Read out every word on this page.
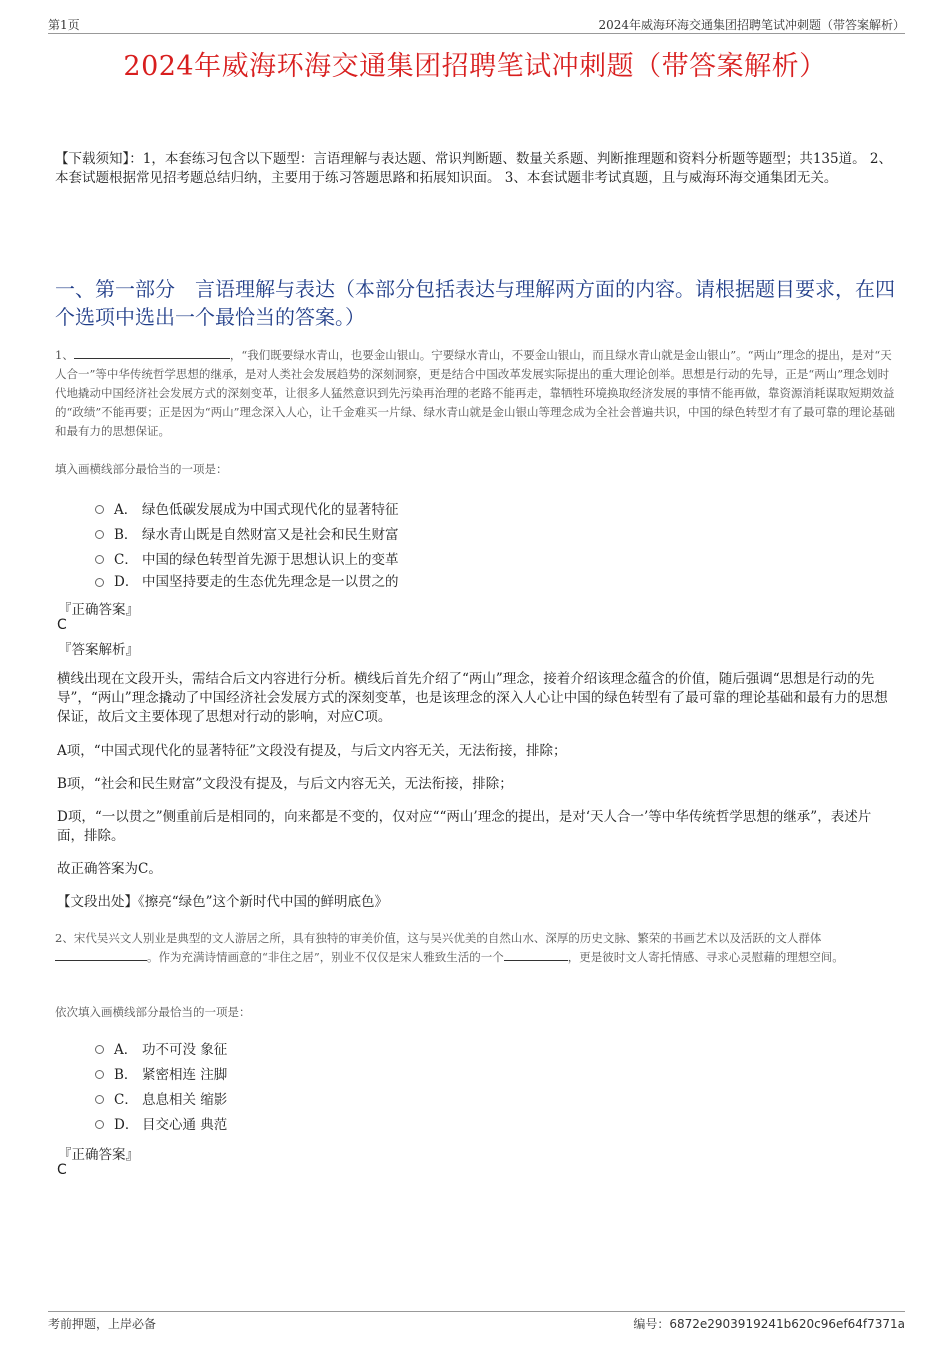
第1页	2024年威海环海交通集团招聘笔试冲刺题（带答案解析）
2024年威海环海交通集团招聘笔试冲刺题（带答案解析）
【下载须知】：1，本套练习包含以下题型：言语理解与表达题、常识判断题、数量关系题、判断推理题和资料分析题等题型；共135道。 2、本套试题根据常见招考题总结归纳，主要用于练习答题思路和拓展知识面。 3、本套试题非考试真题，且与威海环海交通集团无关。
一、第一部分　言语理解与表达（本部分包括表达与理解两方面的内容。请根据题目要求，在四个选项中选出一个最恰当的答案。）
1、	，“我们既要绿水青山，也要金山银山。宁要绿水青山，不要金山银山，而且绿水青山就是金山银山”。“两山”理念的提出，是对“天人合一”等中华传统哲学思想的继承，是对人类社会发展趋势的深刻洞察，更是结合中国改革发展实际提出的重大理论创举。思想是行动的先导，正是“两山”理念划时代地撬动中国经济社会发展方式的深刻变革，让很多人猛然意识到先污染再治理的老路不能再走，靠牺牲环境换取经济发展的事情不能再做，靠资源消耗谋取短期效益的“政绩”不能再要；正是因为“两山”理念深入人心，让千金难买一片绿、绿水青山就是金山银山等理念成为全社会普遍共识，中国的绿色转型才有了最可靠的理论基础和最有力的思想保证。
填入画横线部分最恰当的一项是：
A． 绿色低碳发展成为中国式现代化的显著特征
B． 绿水青山既是自然财富又是社会和民生财富
C． 中国的绿色转型首先源于思想认识上的变革
D． 中国坚持要走的生态优先理念是一以贯之的
『正确答案』
C
『答案解析』
横线出现在文段开头，需结合后文内容进行分析。横线后首先介绍了“两山”理念，接着介绍该理念蕴含的价值，随后强调“思想是行动的先导”，“两山”理念撬动了中国经济社会发展方式的深刻变革，也是该理念的深入人心让中国的绿色转型有了最可靠的理论基础和最有力的思想保证，故后文主要体现了思想对行动的影响，对应C项。
A项，“中国式现代化的显著特征”文段没有提及，与后文内容无关，无法衔接，排除；
B项，“社会和民生财富”文段没有提及，与后文内容无关，无法衔接，排除；
D项，“一以贯之”侧重前后是相同的，向来都是不变的，仅对应““两山’理念的提出，是对‘天人合一’等中华传统哲学思想的继承”，表述片面，排除。
故正确答案为C。
【文段出处】《擦亮“绿色”这个新时代中国的鲜明底色》
2、宋代吴兴文人别业是典型的文人游居之所，具有独特的审美价值，这与吴兴优美的自然山水、深厚的历史文脉、繁荣的书画艺术以及活跃的文人群体。作为充满诗情画意的“非住之居”，别业不仅仅是宋人雅致生活的一个	，更是彼时文人寄托情感、寻求心灵慰藉的理想空间。
依次填入画横线部分最恰当的一项是：
A． 功不可没 象征
B． 紧密相连 注脚
C． 息息相关 缩影
D． 目交心通 典范
『正确答案』
C
考前押题，上岸必备	编号：6872e2903919241b620c96ef64f7371a
